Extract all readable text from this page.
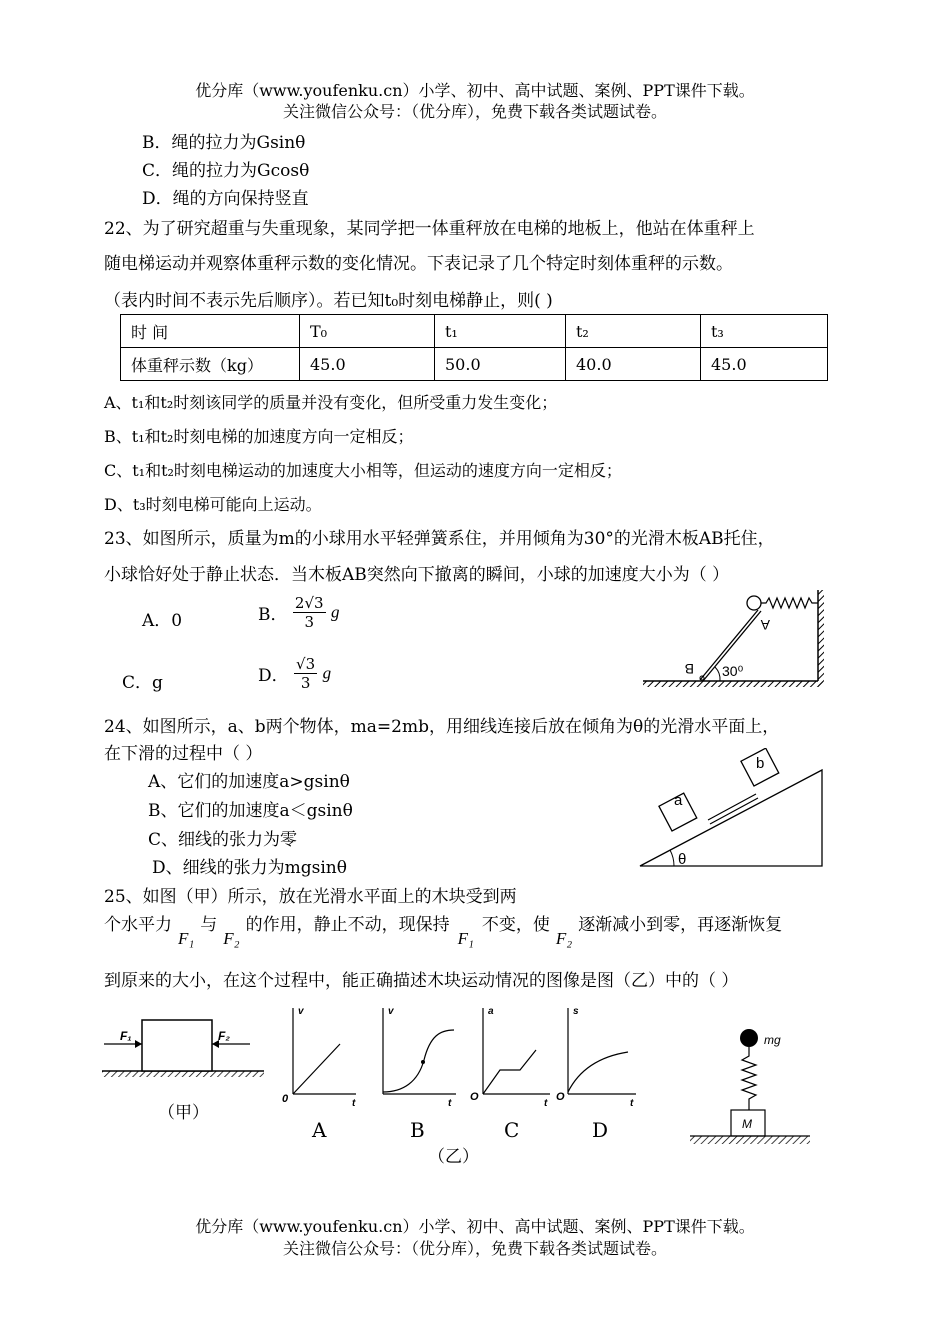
优分库（www.youfenku.cn）小学、初中、高中试题、案例、PPT课件下载。
关注微信公众号：（优分库），免费下载各类试题试卷。
B．绳的拉力为Gsinθ
C．绳的拉力为Gcosθ
D．绳的方向保持竖直
22、为了研究超重与失重现象，某同学把一体重秤放在电梯的地板上，他站在体重秤上
随电梯运动并观察体重秤示数的变化情况。下表记录了几个特定时刻体重秤的示数。
（表内时间不表示先后顺序）。若已知t₀时刻电梯静止，则( )
时 间	T₀	t₁	t₂	t₃
体重秤示数（kg）	45.0	50.0	40.0	45.0
A、t₁和t₂时刻该同学的质量并没有变化，但所受重力发生变化；
B、t₁和t₂时刻电梯的加速度方向一定相反；
C、t₁和t₂时刻电梯运动的加速度大小相等，但运动的速度方向一定相反；
D、t₃时刻电梯可能向上运动。
23、如图所示，质量为m的小球用水平轻弹簧系住，并用倾角为30°的光滑木板AB托住，
小球恰好处于静止状态．当木板AB突然向下撤离的瞬间，小球的加速度大小为（ ）
A．0	B． $\frac{2√3}{3}$ g
C．g	D． $\frac{√3}{3}$ g	30⁰
A
B
24、如图所示，a、b两个物体，ma=2mb，用细线连接后放在倾角为θ的光滑水平面上，
在下滑的过程中（ ）
A、它们的加速度a>gsinθ
B、它们的加速度a＜gsinθ
C、细线的张力为零
D、细线的张力为mgsinθ
a
b
θ
25、如图（甲）所示，放在光滑水平面上的木块受到两
个水平力F₁与F₂的作用，静止不动，现保持F₁不变，使F₂逐渐减小到零，再逐渐恢复
到原来的大小，在这个过程中，能正确描述木块运动情况的图像是图（乙）中的（ ）
F₁	F₂
（甲）
v
t
0
v
t
a
t
O
s
t
O
A	B	C	D
（乙）
mg
M
优分库（www.youfenku.cn）小学、初中、高中试题、案例、PPT课件下载。
关注微信公众号：（优分库），免费下载各类试题试卷。
